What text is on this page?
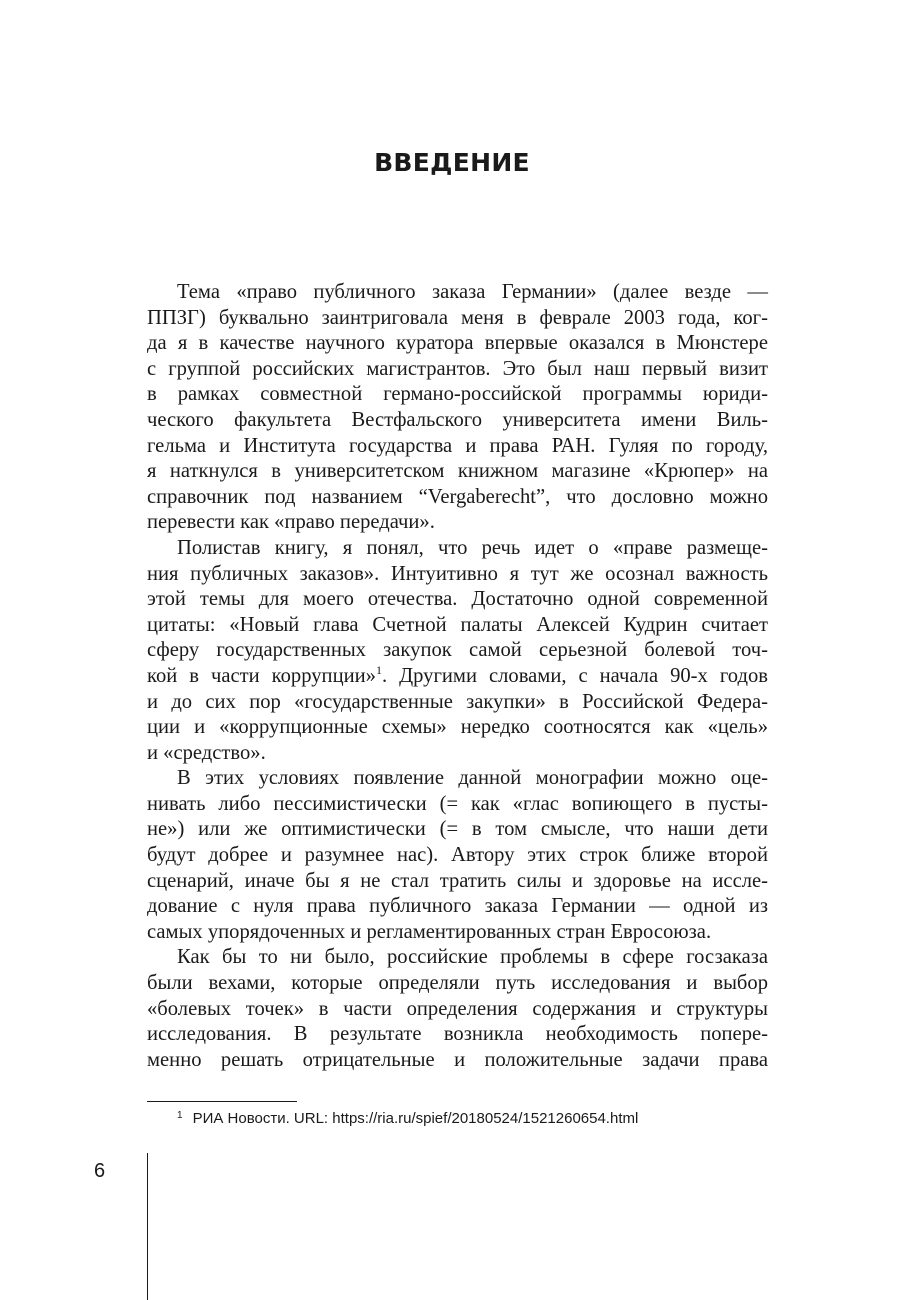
ВВЕДЕНИЕ
Тема «право публичного заказа Германии» (далее везде —
ППЗГ) буквально заинтриговала меня в феврале 2003 года, ког-
да я в качестве научного куратора впервые оказался в Мюнстере
с группой российских магистрантов. Это был наш первый визит
в рамках совместной германо-российской программы юриди-
ческого факультета Вестфальского университета имени Виль-
гельма и Института государства и права РАН. Гуляя по городу,
я наткнулся в университетском книжном магазине «Крюпер» на
справочник под названием “Vergaberecht”, что дословно можно
перевести как «право передачи».
Полистав книгу, я понял, что речь идет о «праве размеще-
ния публичных заказов». Интуитивно я тут же осознал важность
этой темы для моего отечества. Достаточно одной современной
цитаты: «Новый глава Счетной палаты Алексей Кудрин считает
сферу государственных закупок самой серьезной болевой точ-
кой в части коррупции»$^1$. Другими словами, с начала 90-х годов
и до сих пор «государственные закупки» в Российской Федера-
ции и «коррупционные схемы» нередко соотносятся как «цель»
и «средство».
В этих условиях появление данной монографии можно оце-
нивать либо пессимистически (= как «глас вопиющего в пусты-
не») или же оптимистически (= в том смысле, что наши дети
будут добрее и разумнее нас). Автору этих строк ближе второй
сценарий, иначе бы я не стал тратить силы и здоровье на иссле-
дование с нуля права публичного заказа Германии — одной из
самых упорядоченных и регламентированных стран Евросоюза.
Как бы то ни было, российские проблемы в сфере госзаказа
были вехами, которые определяли путь исследования и выбор
«болевых точек» в части определения содержания и структуры
исследования. В результате возникла необходимость попере-
менно решать отрицательные и положительные задачи права
$^1$ РИА Новости. URL: https://ria.ru/spief/20180524/1521260654.html
6
